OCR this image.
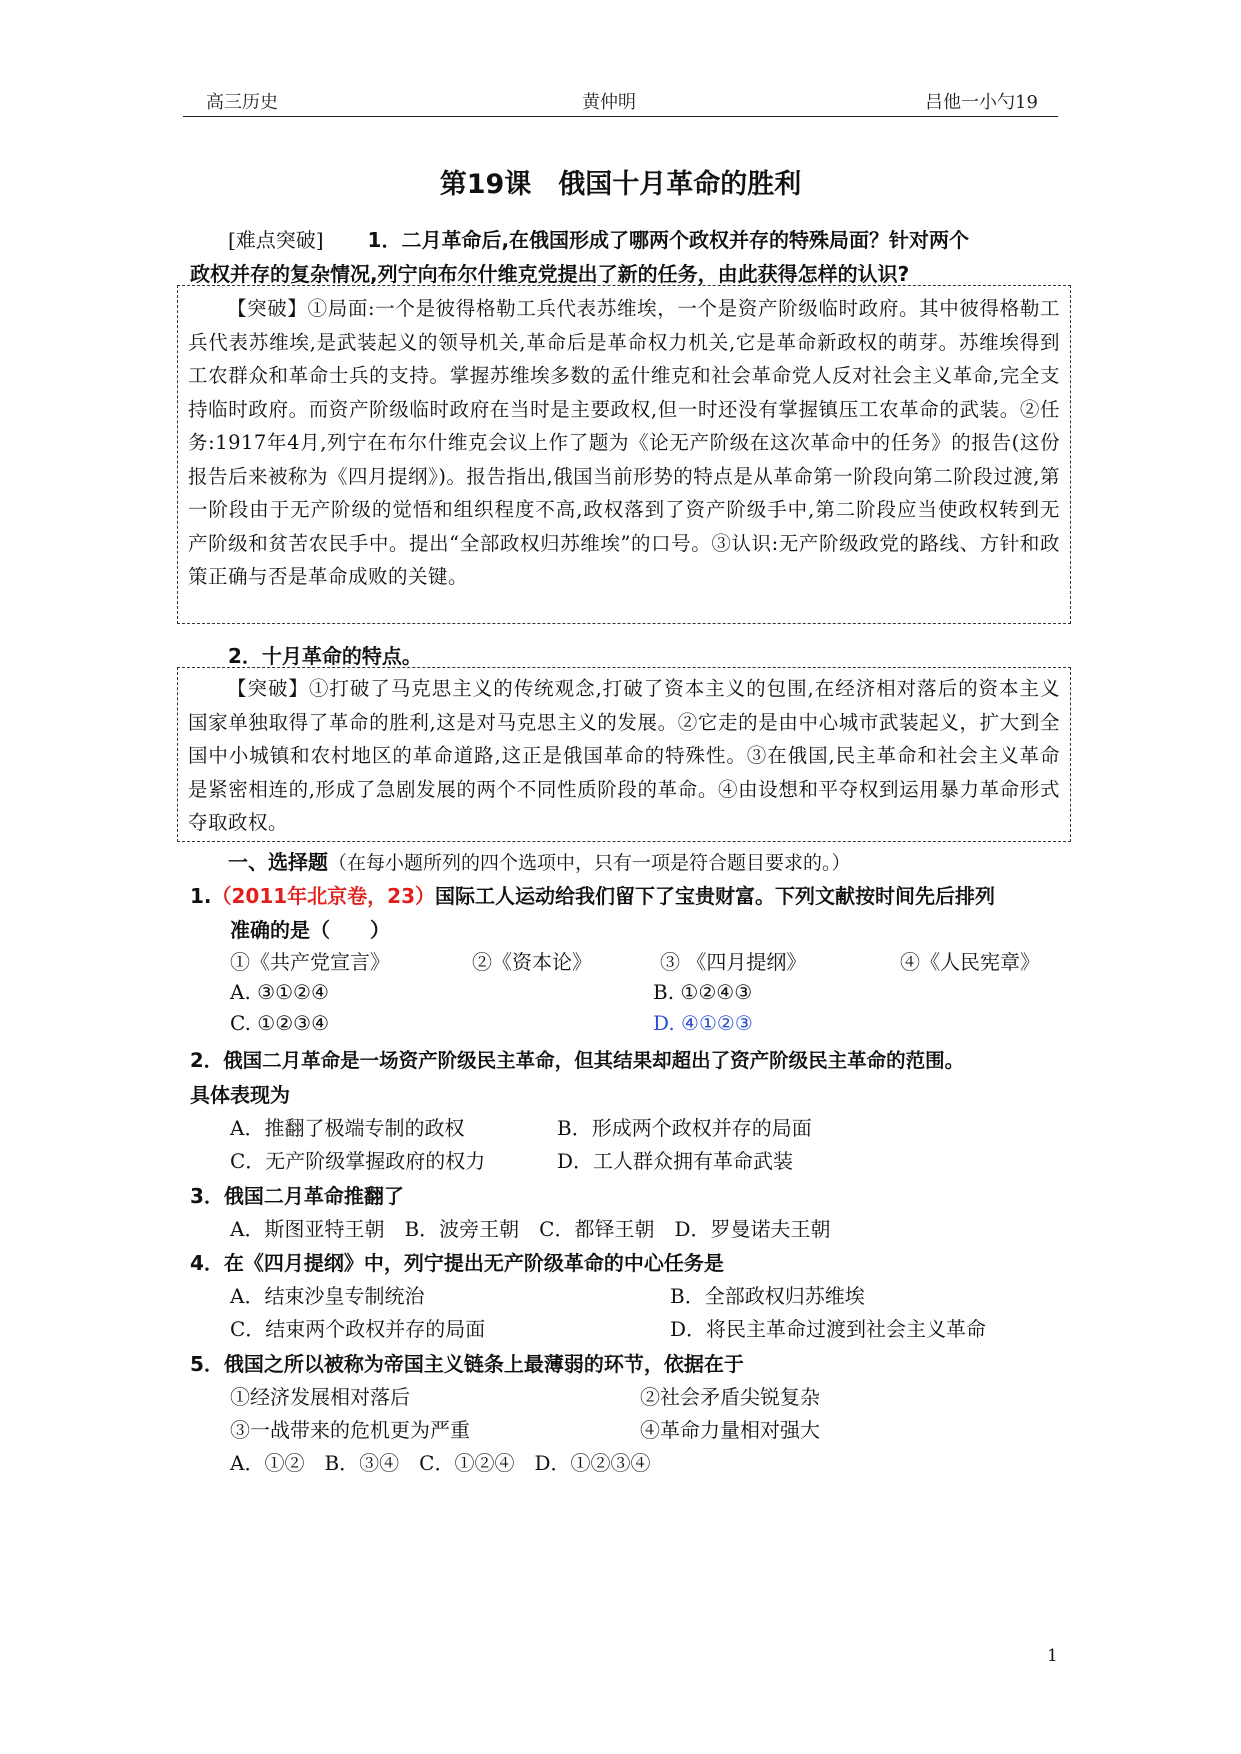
高三历史	黄仲明	吕他一小勺19
第19课　俄国十月革命的胜利
[难点突破] 1．二月革命后,在俄国形成了哪两个政权并存的特殊局面？针对两个
政权并存的复杂情况,列宁向布尔什维克党提出了新的任务，由此获得怎样的认识?

【突破】①局面:一个是彼得格勒工兵代表苏维埃，一个是资产阶级临时政府。其中彼得格勒工兵代表苏维埃,是武装起义的领导机关,革命后是革命权力机关,它是革命新政权的萌芽。苏维埃得到工农群众和革命士兵的支持。掌握苏维埃多数的孟什维克和社会革命党人反对社会主义革命,完全支持临时政府。而资产阶级临时政府在当时是主要政权,但一时还没有掌握镇压工农革命的武装。②任务:1917年4月,列宁在布尔什维克会议上作了题为《论无产阶级在这次革命中的任务》的报告(这份报告后来被称为《四月提纲》)。报告指出,俄国当前形势的特点是从革命第一阶段向第二阶段过渡,第一阶段由于无产阶级的觉悟和组织程度不高,政权落到了资产阶级手中,第二阶段应当使政权转到无产阶级和贫苦农民手中。提出“全部政权归苏维埃”的口号。③认识:无产阶级政党的路线、方针和政策正确与否是革命成败的关键。

2．十月革命的特点。

【突破】①打破了马克思主义的传统观念,打破了资本主义的包围,在经济相对落后的资本主义国家单独取得了革命的胜利,这是对马克思主义的发展。②它走的是由中心城市武装起义，扩大到全国中小城镇和农村地区的革命道路,这正是俄国革命的特殊性。③在俄国,民主革命和社会主义革命是紧密相连的,形成了急剧发展的两个不同性质阶段的革命。④由设想和平夺权到运用暴力革命形式夺取政权。

一、选择题（在每小题所列的四个选项中，只有一项是符合题目要求的。）
1.（2011年北京卷，23）国际工人运动给我们留下了宝贵财富。下列文献按时间先后排列
准确的是（　　）
①《共产党宣言》	②《资本论》	③ 《四月提纲》	④《人民宪章》
A. ③①②④	B. ①②④③
C. ①②③④	D. ④①②③
2．俄国二月革命是一场资产阶级民主革命，但其结果却超出了资产阶级民主革命的范围。
具体表现为
A．推翻了极端专制的政权	B．形成两个政权并存的局面
C．无产阶级掌握政府的权力	D．工人群众拥有革命武装
3．俄国二月革命推翻了
A．斯图亚特王朝　B．波旁王朝　C．都铎王朝　D．罗曼诺夫王朝
4．在《四月提纲》中，列宁提出无产阶级革命的中心任务是
A．结束沙皇专制统治	B．全部政权归苏维埃
C．结束两个政权并存的局面	D．将民主革命过渡到社会主义革命
5．俄国之所以被称为帝国主义链条上最薄弱的环节，依据在于
①经济发展相对落后	②社会矛盾尖锐复杂
③一战带来的危机更为严重	④革命力量相对强大
A．①②　B．③④　C．①②④　D．①②③④
1
